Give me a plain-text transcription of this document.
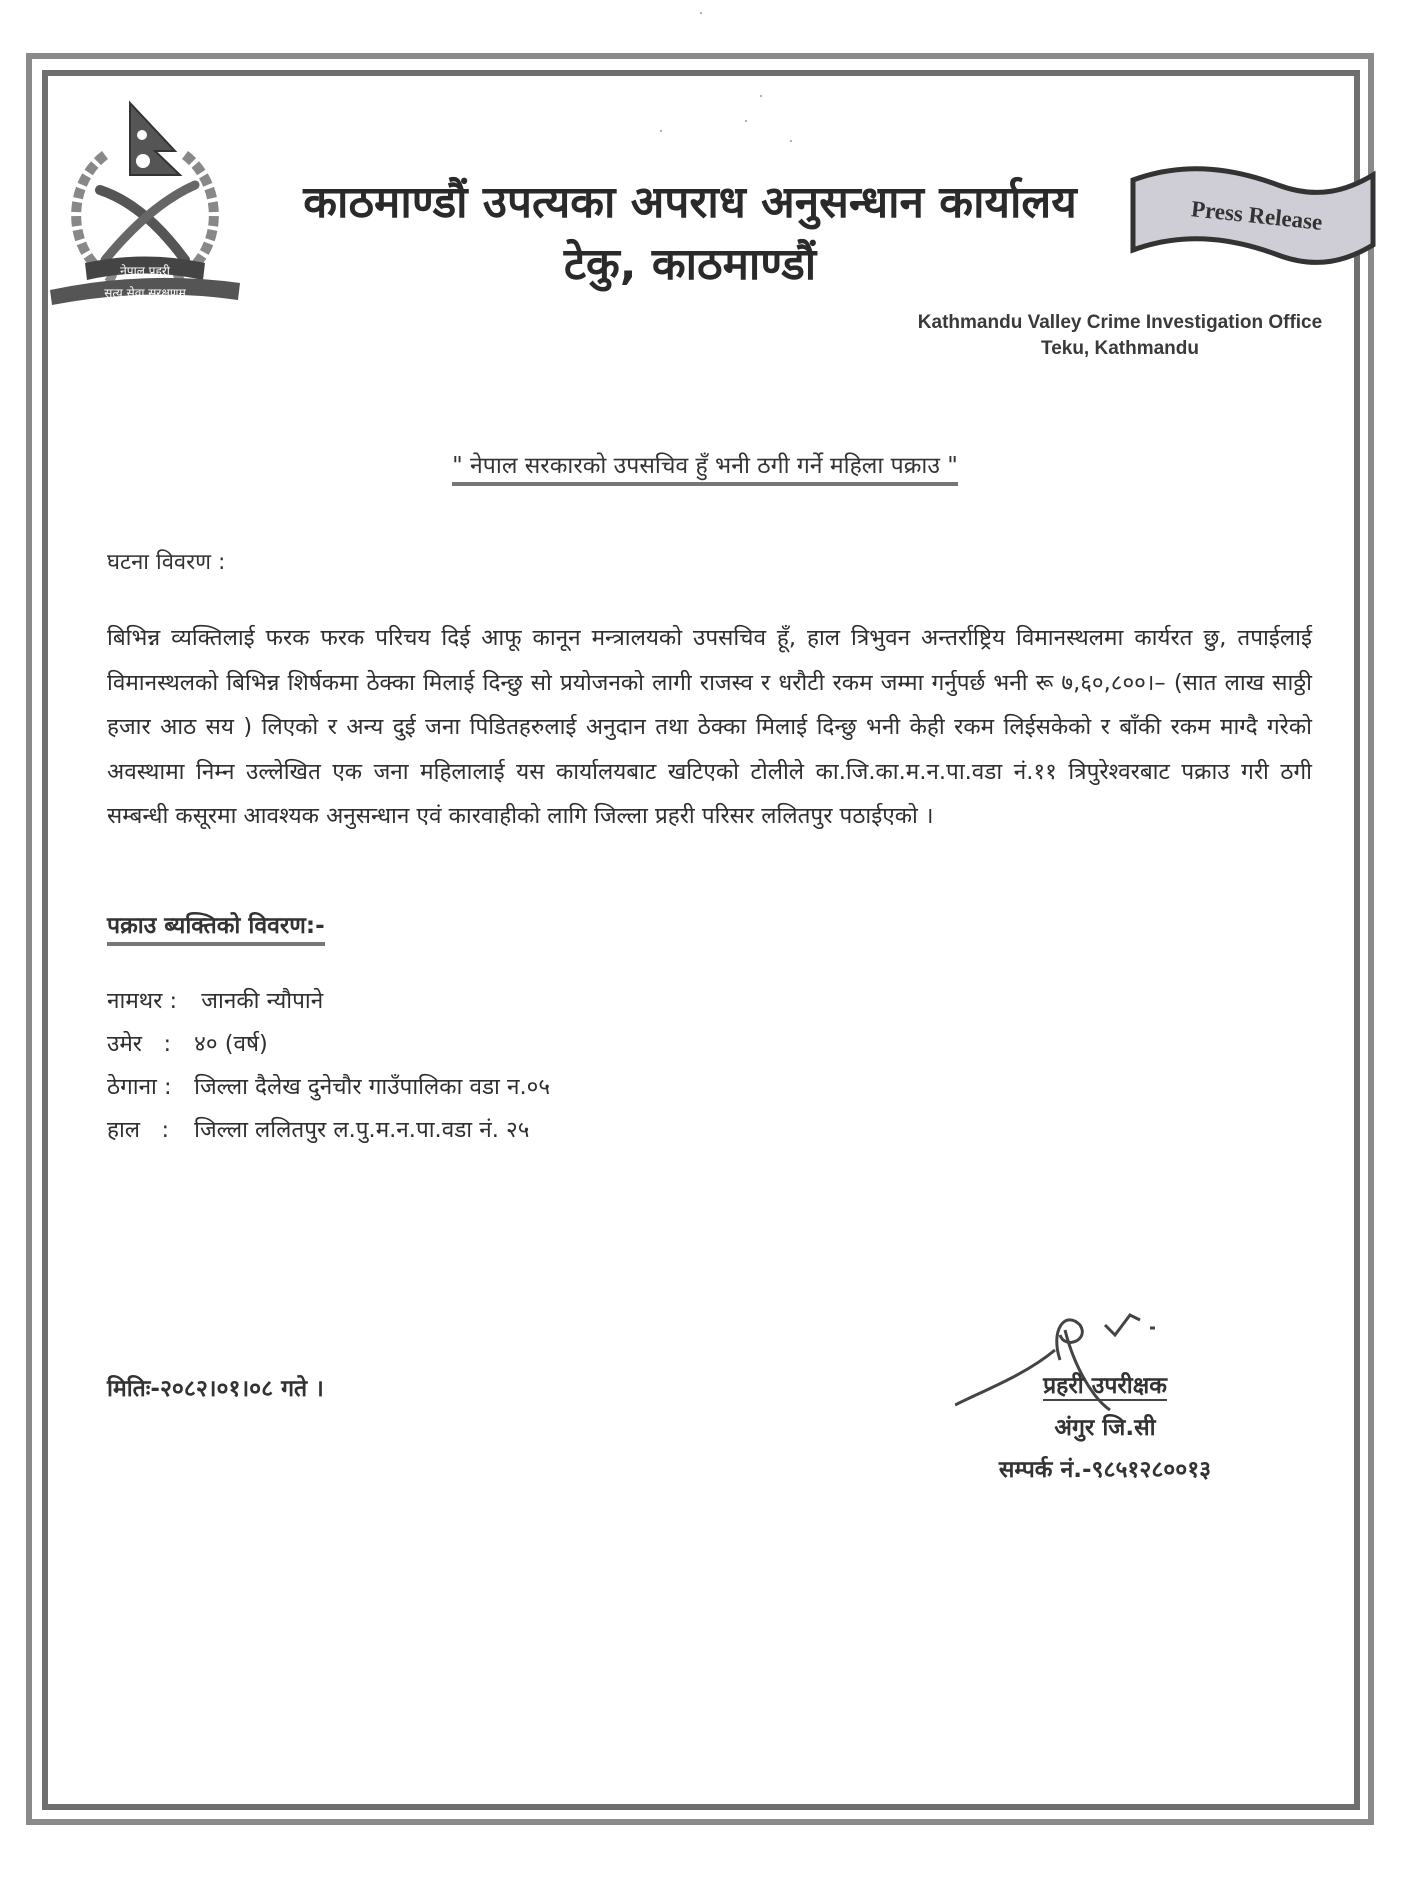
नेपाल प्रहरी
सत्य सेवा सुरक्षणम्
काठमाण्डौं उपत्यका अपराध अनुसन्धान कार्यालय
टेकु, काठमाण्डौं
Press Release
Kathmandu Valley Crime Investigation Office
Teku, Kathmandu
" नेपाल सरकारको उपसचिव हुँ भनी ठगी गर्ने महिला पक्राउ "
घटना विवरण :
बिभिन्न व्यक्तिलाई फरक फरक परिचय दिई आफू कानून मन्त्रालयको उपसचिव हूँ, हाल त्रिभुवन अन्तर्राष्ट्रिय विमानस्थलमा कार्यरत छु, तपाईलाई विमानस्थलको बिभिन्न शिर्षकमा ठेक्का मिलाई दिन्छु सो प्रयोजनको लागी राजस्व र धरौटी रकम जम्मा गर्नुपर्छ भनी रू ७,६०,८००।– (सात लाख साठ्ठी हजार आठ सय ) लिएको र अन्य दुई जना पिडितहरुलाई अनुदान तथा ठेक्का मिलाई दिन्छु भनी केही रकम लिईसकेको र बाँकी रकम माग्दै गरेको अवस्थामा निम्न उल्लेखित एक जना महिलालाई यस कार्यालयबाट खटिएको टोलीले का.जि.का.म.न.पा.वडा नं.११ त्रिपुरेश्वरबाट पक्राउ गरी ठगी सम्बन्धी कसूरमा आवश्यक अनुसन्धान एवं कारवाहीको लागि जिल्ला प्रहरी परिसर ललितपुर पठाईएको ।
पक्राउ ब्यक्तिको विवरण:-
नामथर : जानकी न्यौपाने
उमेर   : ४० (वर्ष)
ठेगाना : जिल्ला दैलेख दुनेचौर गाउँपालिका वडा न.०५
हाल   : जिल्ला ललितपुर ल.पु.म.न.पा.वडा नं. २५
मितिः-२०८२।०१।०८ गते ।	प्रहरी उपरीक्षक
अंगुर जि.सी
सम्पर्क नं.-९८५१२८००१३
